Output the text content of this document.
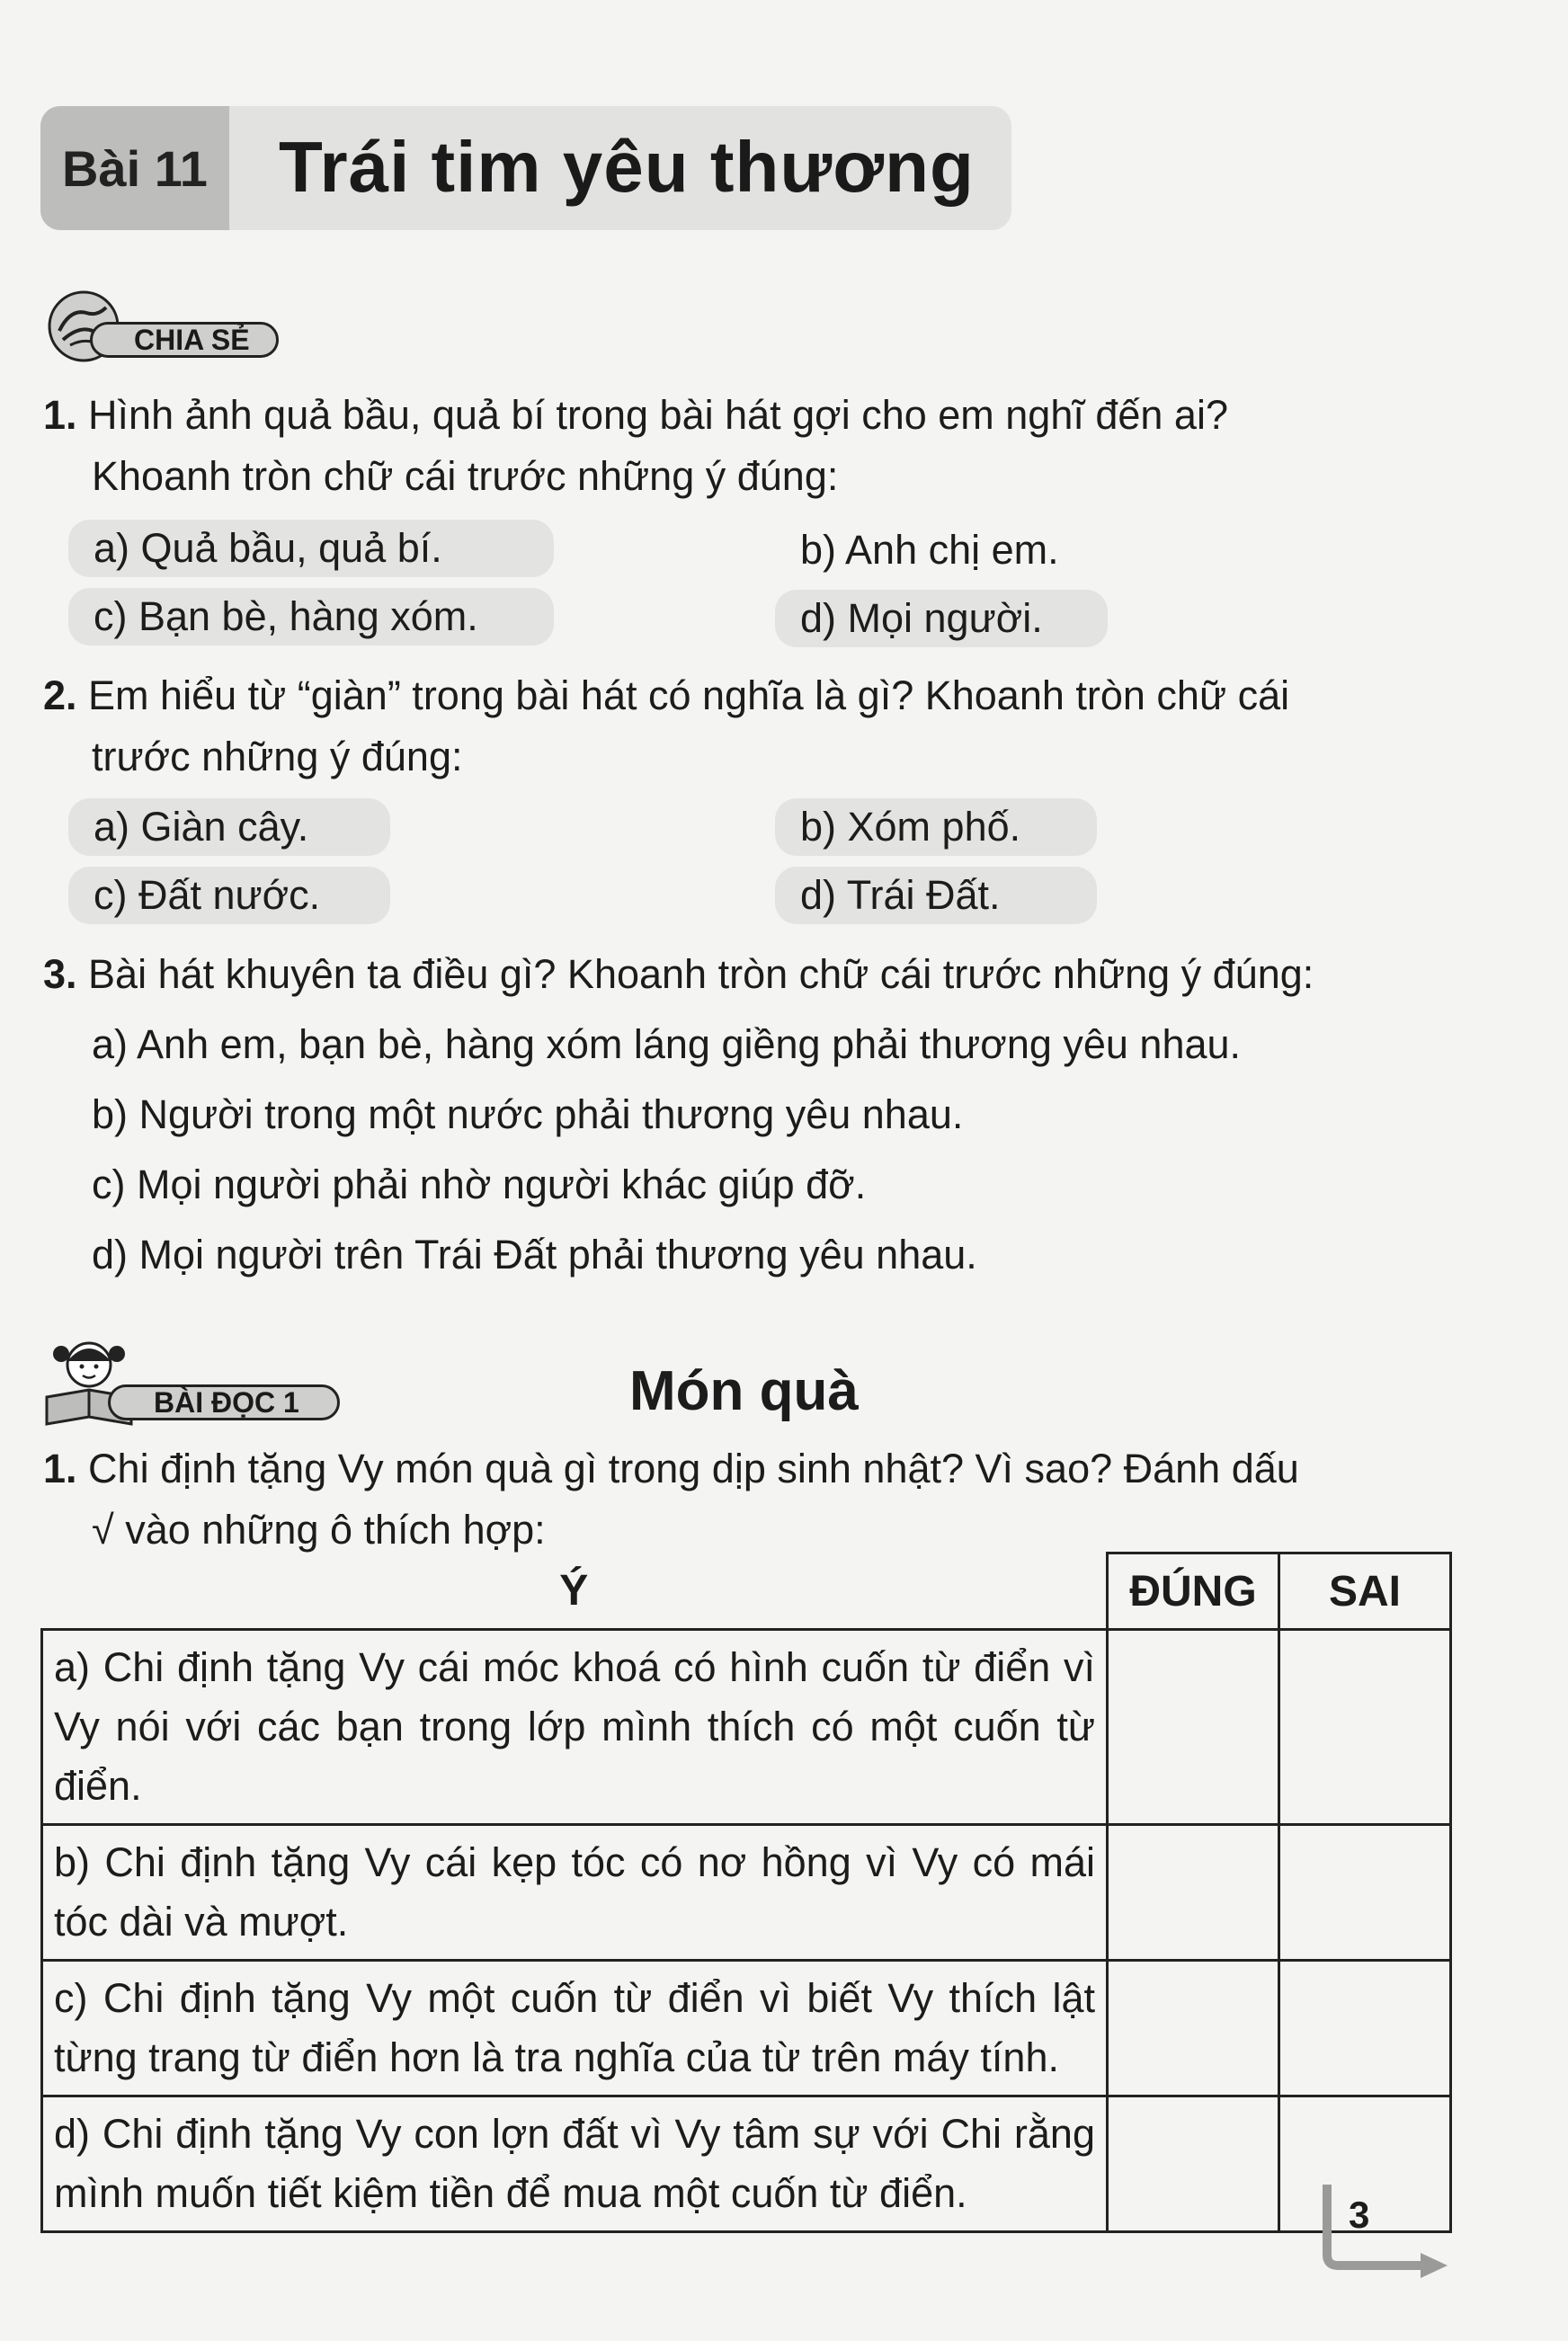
Bài 11 Trái tim yêu thương
CHIA SẺ
1. Hình ảnh quả bầu, quả bí trong bài hát gợi cho em nghĩ đến ai?
Khoanh tròn chữ cái trước những ý đúng:
a) Quả bầu, quả bí.	b) Anh chị em.
c) Bạn bè, hàng xóm.	d) Mọi người.
2. Em hiểu từ “giàn” trong bài hát có nghĩa là gì? Khoanh tròn chữ cái
trước những ý đúng:
a) Giàn cây.	b) Xóm phố.
c) Đất nước.	d) Trái Đất.
3. Bài hát khuyên ta điều gì? Khoanh tròn chữ cái trước những ý đúng:
a) Anh em, bạn bè, hàng xóm láng giềng phải thương yêu nhau.
b) Người trong một nước phải thương yêu nhau.
c) Mọi người phải nhờ người khác giúp đỡ.
d) Mọi người trên Trái Đất phải thương yêu nhau.
BÀI ĐỌC 1	Món quà
1. Chi định tặng Vy món quà gì trong dịp sinh nhật? Vì sao? Đánh dấu
√ vào những ô thích hợp:
Ý	ĐÚNG	SAI
a) Chi định tặng Vy cái móc khoá có hình cuốn từ điển vì Vy nói với các bạn trong lớp mình thích có một cuốn từ điển.		
b) Chi định tặng Vy cái kẹp tóc có nơ hồng vì Vy có mái tóc dài và mượt.		
c) Chi định tặng Vy một cuốn từ điển vì biết Vy thích lật từng trang từ điển hơn là tra nghĩa của từ trên máy tính.		
d) Chi định tặng Vy con lợn đất vì Vy tâm sự với Chi rằng mình muốn tiết kiệm tiền để mua một cuốn từ điển.			3
